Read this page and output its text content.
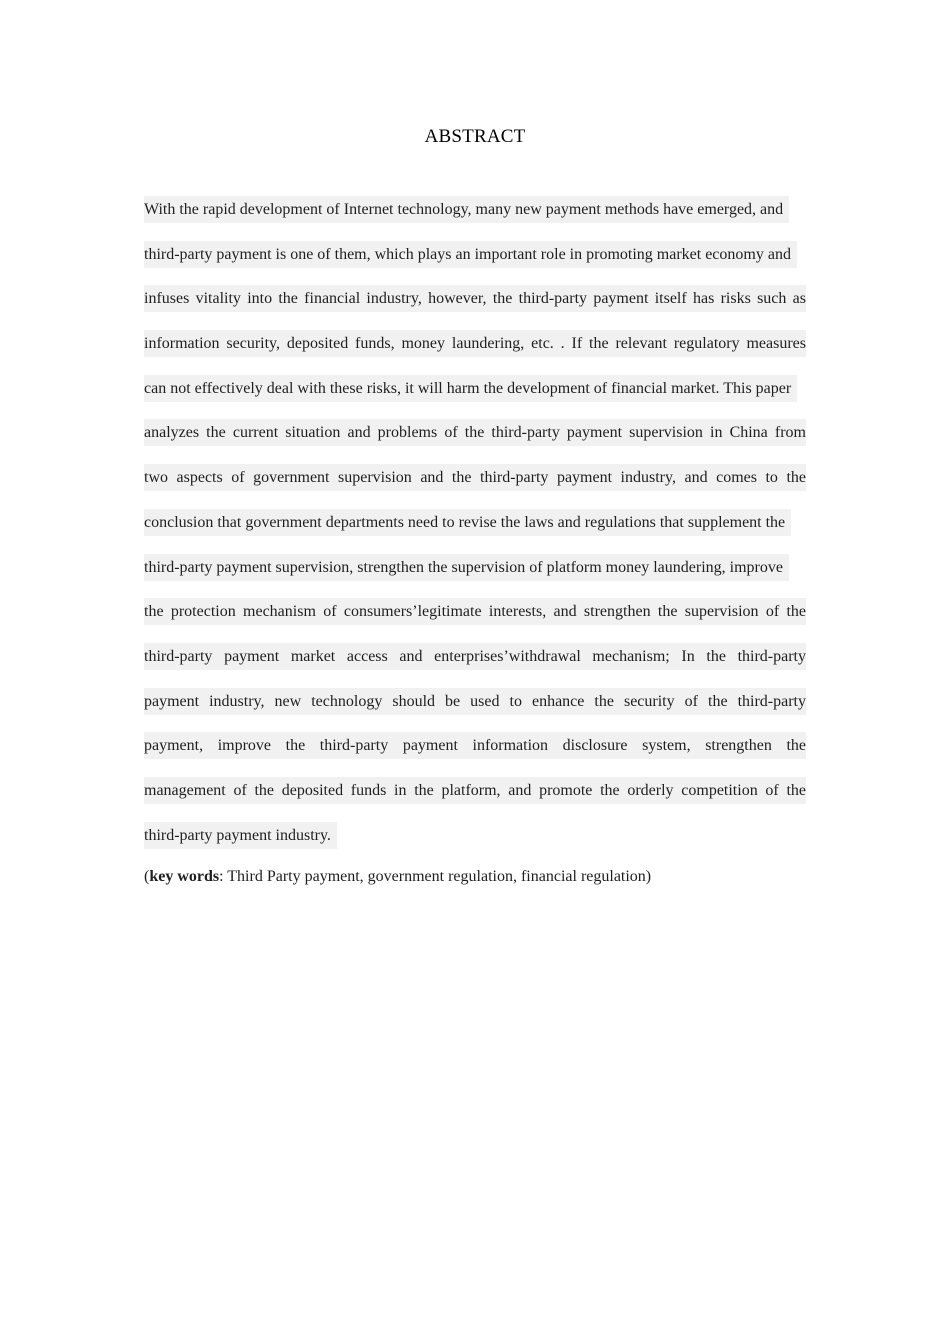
ABSTRACT
With the rapid development of Internet technology, many new payment methods have emerged, and
third-party payment is one of them, which plays an important role in promoting market economy and
infuses vitality into the financial industry, however, the third-party payment itself has risks such as
information security, deposited funds, money laundering, etc. . If the relevant regulatory measures
can not effectively deal with these risks, it will harm the development of financial market. This paper
analyzes the current situation and problems of the third-party payment supervision in China from
two aspects of government supervision and the third-party payment industry, and comes to the
conclusion that government departments need to revise the laws and regulations that supplement the
third-party payment supervision, strengthen the supervision of platform money laundering, improve
the protection mechanism of consumers’legitimate interests, and strengthen the supervision of the
third-party payment market access and enterprises’withdrawal mechanism; In the third-party
payment industry, new technology should be used to enhance the security of the third-party
payment, improve the third-party payment information disclosure system, strengthen the
management of the deposited funds in the platform, and promote the orderly competition of the
third-party payment industry.
(key words: Third Party payment, government regulation, financial regulation)
